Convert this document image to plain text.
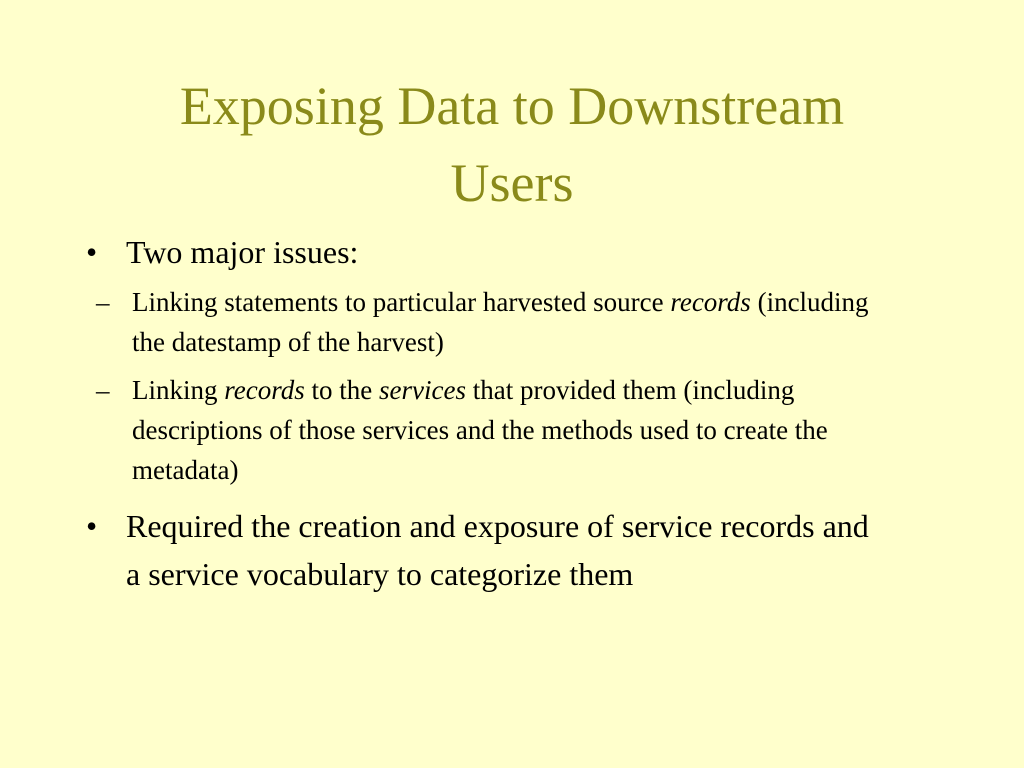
Exposing Data to Downstream
Users
• Two major issues:
– Linking statements to particular harvested source records (including the datestamp of the harvest)
– Linking records to the services that provided them (including descriptions of those services and the methods used to create the metadata)
• Required the creation and exposure of service records and a service vocabulary to categorize them
